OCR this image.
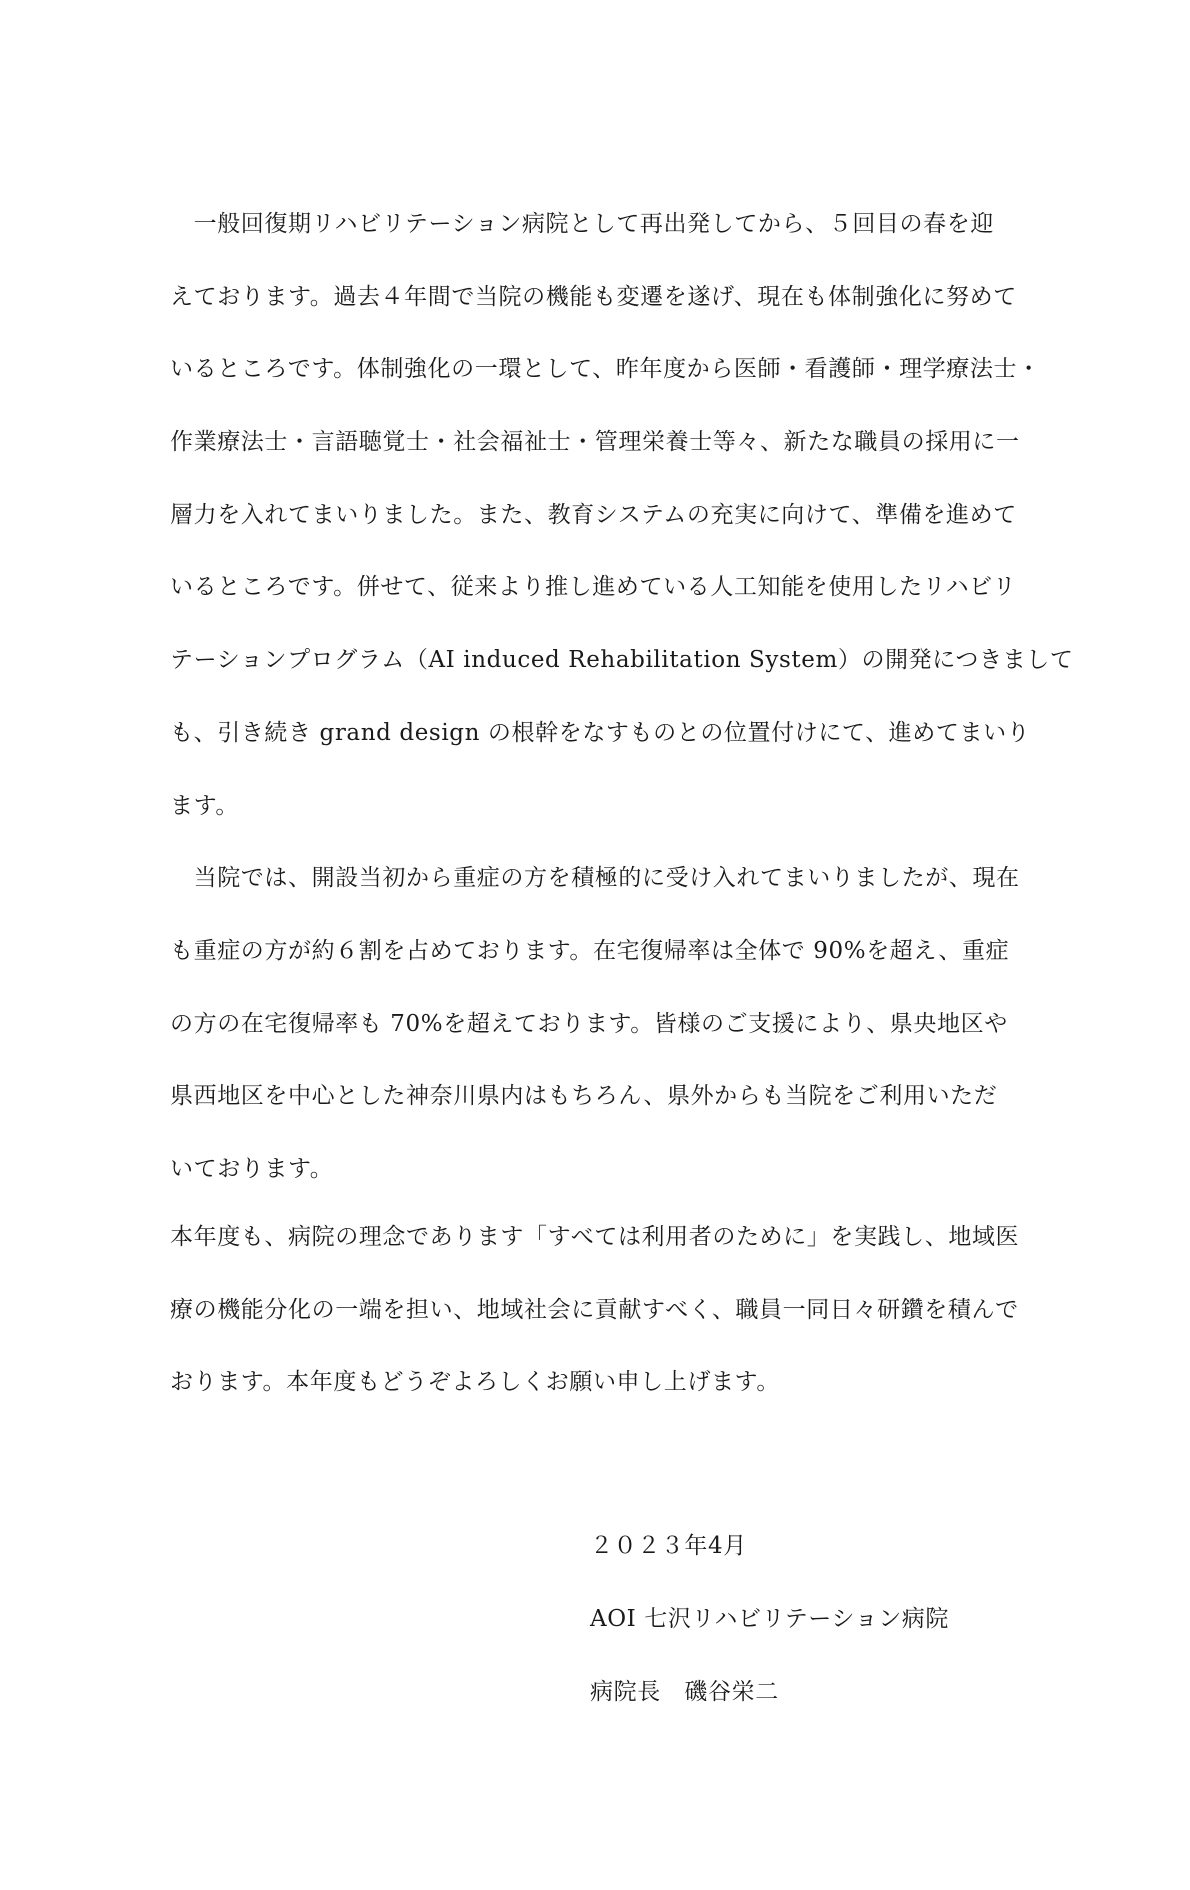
　一般回復期リハビリテーション病院として再出発してから、５回目の春を迎
えております。過去４年間で当院の機能も変遷を遂げ、現在も体制強化に努めて
いるところです。体制強化の一環として、昨年度から医師・看護師・理学療法士・
作業療法士・言語聴覚士・社会福祉士・管理栄養士等々、新たな職員の採用に一
層力を入れてまいりました。また、教育システムの充実に向けて、準備を進めて
いるところです。併せて、従来より推し進めている人工知能を使用したリハビリ
テーションプログラム（AI induced Rehabilitation System）の開発につきまして
も、引き続き grand design の根幹をなすものとの位置付けにて、進めてまいり
ます。
　当院では、開設当初から重症の方を積極的に受け入れてまいりましたが、現在
も重症の方が約６割を占めております。在宅復帰率は全体で 90%を超え、重症
の方の在宅復帰率も 70%を超えております。皆様のご支援により、県央地区や
県西地区を中心とした神奈川県内はもちろん、県外からも当院をご利用いただ
いております。
本年度も、病院の理念であります「すべては利用者のために」を実践し、地域医
療の機能分化の一端を担い、地域社会に貢献すべく、職員一同日々研鑽を積んで
おります。本年度もどうぞよろしくお願い申し上げます。
２０２３年4月
AOI 七沢リハビリテーション病院
病院長　磯谷栄二
